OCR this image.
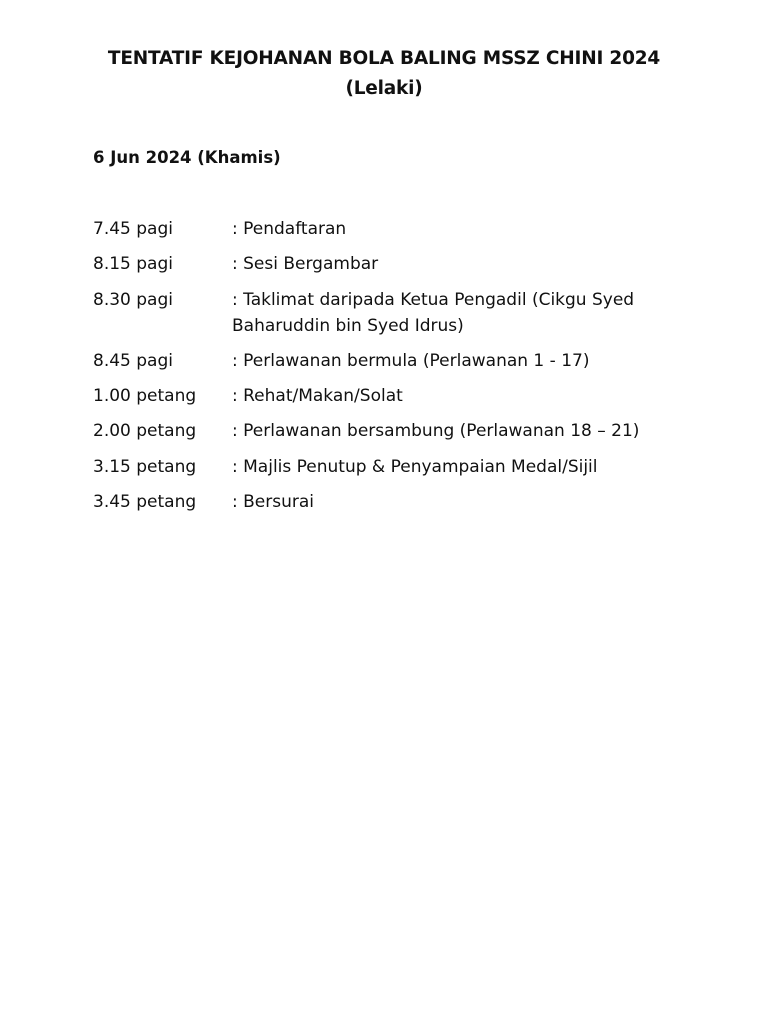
TENTATIF KEJOHANAN BOLA BALING MSSZ CHINI 2024
(Lelaki)
6 Jun 2024 (Khamis)
7.45 pagi	: Pendaftaran
8.15 pagi	: Sesi Bergambar
8.30 pagi	: Taklimat daripada Ketua Pengadil (Cikgu Syed Baharuddin bin Syed Idrus)
8.45 pagi	: Perlawanan bermula (Perlawanan 1 - 17)
1.00 petang	: Rehat/Makan/Solat
2.00 petang	: Perlawanan bersambung (Perlawanan 18 – 21)
3.15 petang	: Majlis Penutup & Penyampaian Medal/Sijil
3.45 petang	: Bersurai
